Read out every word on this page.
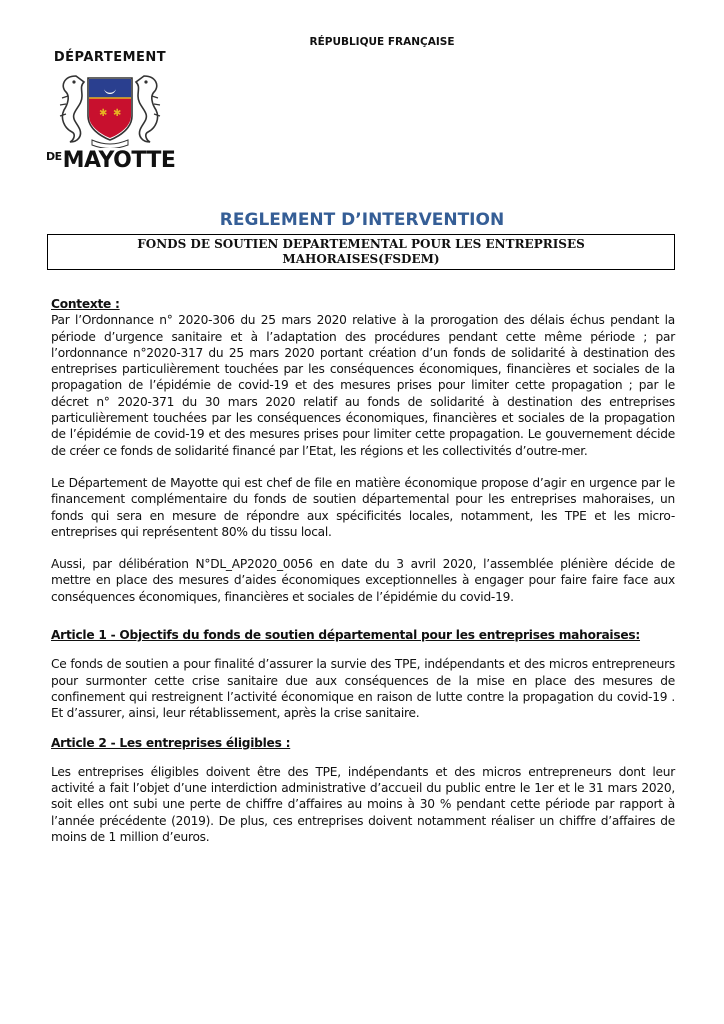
RÉPUBLIQUE FRANÇAISE
DÉPARTEMENT
✱ ✱
$^{DE}$MAYOTTE
REGLEMENT D’INTERVENTION
FONDS DE SOUTIEN DEPARTEMENTAL POUR LES ENTREPRISES
MAHORAISES(FSDEM)

Contexte :

Par l’Ordonnance n° 2020-306 du 25 mars 2020 relative à la prorogation des délais échus pendant la période d’urgence sanitaire et à l’adaptation des procédures pendant cette même période ; par l’ordonnance n°2020-317 du 25 mars 2020 portant création d’un fonds de solidarité à destination des entreprises particulièrement touchées par les conséquences économiques, financières et sociales de la propagation de l’épidémie de covid-19 et des mesures prises pour limiter cette propagation ; par le décret n° 2020-371 du 30 mars 2020 relatif au fonds de solidarité à destination des entreprises particulièrement touchées par les conséquences économiques, financières et sociales de la propagation de l’épidémie de covid-19 et des mesures prises pour limiter cette propagation. Le gouvernement décide de créer ce fonds de solidarité financé par l’Etat, les régions et les collectivités d’outre-mer.

Le Département de Mayotte qui est chef de file en matière économique propose d’agir en urgence par le financement complémentaire du fonds de soutien départemental pour les entreprises mahoraises, un fonds qui sera en mesure de répondre aux spécificités locales, notamment, les TPE et les micro-entreprises qui représentent 80% du tissu local.

Aussi, par délibération N°DL_AP2020_0056 en date du 3 avril 2020, l’assemblée plénière décide de mettre en place des mesures d’aides économiques exceptionnelles à engager pour faire faire face aux conséquences économiques, financières et sociales de l’épidémie du covid-19.

Article 1 - Objectifs du fonds de soutien départemental pour les entreprises mahoraises:

Ce fonds de soutien a pour finalité d’assurer la survie des TPE, indépendants et des micros entrepreneurs pour surmonter cette crise sanitaire due aux conséquences de la mise en place des mesures de confinement qui restreignent l’activité économique en raison de lutte contre la propagation du covid-19 . Et d’assurer, ainsi, leur rétablissement, après la crise sanitaire.

Article 2 - Les entreprises éligibles :

Les entreprises éligibles doivent être des TPE, indépendants et des micros entrepreneurs dont leur activité a fait l’objet d’une interdiction administrative d’accueil du public entre le 1er et le 31 mars 2020, soit elles ont subi une perte de chiffre d’affaires au moins à 30 % pendant cette période par rapport à l’année précédente (2019). De plus, ces entreprises doivent notamment réaliser un chiffre d’affaires de moins de 1 million d’euros.
